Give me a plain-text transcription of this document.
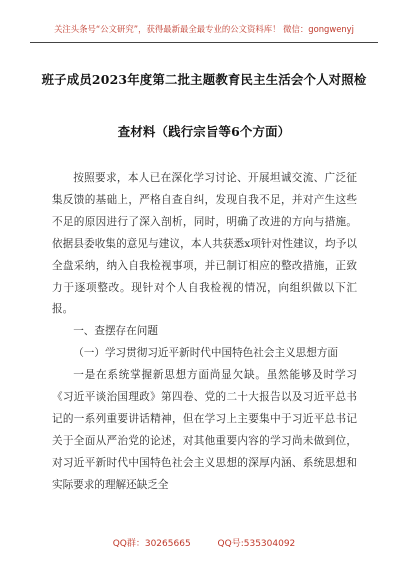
关注头条号“公文研究”，获得最新最全最专业的公文资料库！ 微信：gongwenyj
班子成员2023年度第二批主题教育民主生活会个人对照检
查材料（践行宗旨等6个方面）

按照要求，本人已在深化学习讨论、开展坦诚交流、广泛征集反馈的基础上，严格自查自纠，发现自我不足，并对产生这些不足的原因进行了深入剖析，同时，明确了改进的方向与措施。依据县委收集的意见与建议，本人共获悉x项针对性建议，均予以全盘采纳，纳入自我检视事项，并已制订相应的整改措施，正致力于逐项整改。现针对个人自我检视的情况，向组织做以下汇报。

一、查摆存在问题

（一）学习贯彻习近平新时代中国特色社会主义思想方面

一是在系统掌握新思想方面尚显欠缺。虽然能够及时学习《习近平谈治国理政》第四卷、党的二十大报告以及习近平总书记的一系列重要讲话精神，但在学习上主要集中于习近平总书记关于全面从严治党的论述，对其他重要内容的学习尚未做到位，对习近平新时代中国特色社会主义思想的深厚内涵、系统思想和实际要求的理解还缺乏全

QQ群：30265665	QQ号:535304092
